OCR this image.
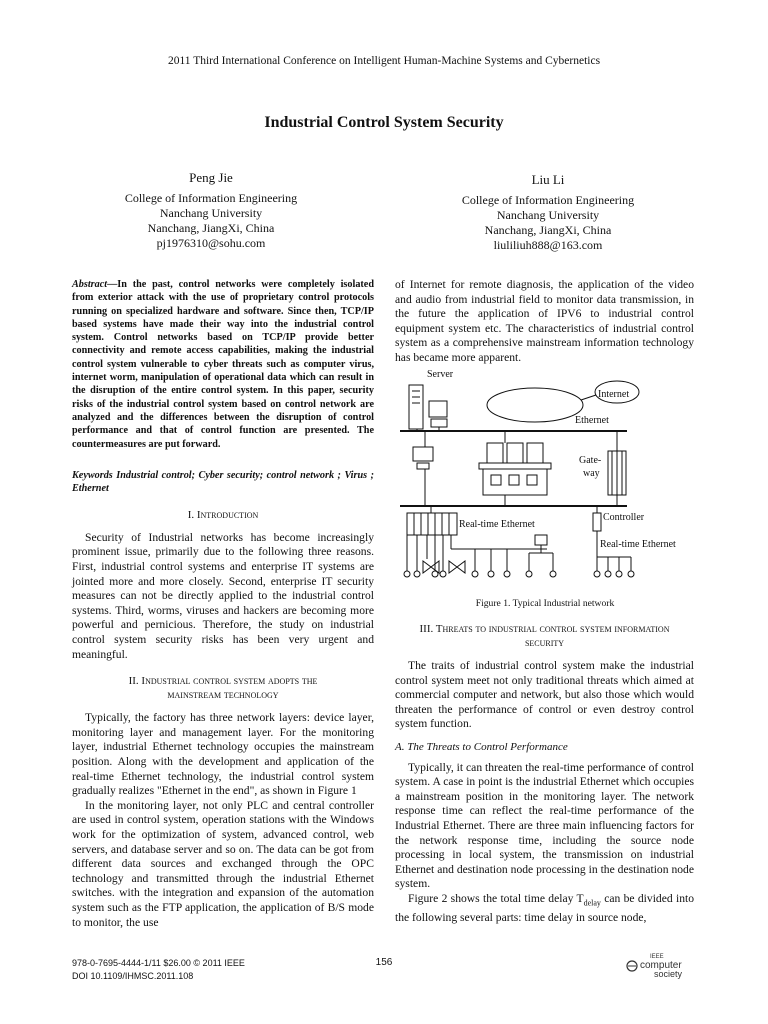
2011 Third International Conference on Intelligent Human-Machine Systems and Cybernetics
Industrial Control System Security
Peng Jie
College of Information Engineering
Nanchang University
Nanchang, JiangXi, China
pj1976310@sohu.com
Liu Li
College of Information Engineering
Nanchang University
Nanchang, JiangXi, China
liuliliuh888@163.com
Abstract—In the past, control networks were completely isolated from exterior attack with the use of proprietary control protocols running on specialized hardware and software. Since then, TCP/IP based systems have made their way into the industrial control system. Control networks based on TCP/IP provide better connectivity and remote access capabilities, making the industrial control system vulnerable to cyber threats such as computer virus, internet worm, manipulation of operational data which can result in the disruption of the entire control system. In this paper, security risks of the industrial control system based on control network are analyzed and the differences between the disruption of control performance and that of control function are presented. The countermeasures are put forward.
Keywords Industrial control; Cyber security; control network ; Virus ; Ethernet
I. Introduction

Security of Industrial networks has become increasingly prominent issue, primarily due to the following three reasons. First, industrial control systems and enterprise IT systems are jointed more and more closely. Second, enterprise IT security measures can not be directly applied to the industrial control systems. Third, worms, viruses and hackers are becoming more powerful and pernicious. Therefore, the study on industrial control system security risks has been very urgent and meaningful.

II. Industrial control system adopts the mainstream technology

Typically, the factory has three network layers: device layer, monitoring layer and management layer. For the monitoring layer, industrial Ethernet technology occupies the mainstream position. Along with the development and application of the real-time Ethernet technology, the industrial control system gradually realizes "Ethernet in the end", as shown in Figure 1

In the monitoring layer, not only PLC and central controller are used in control system, operation stations with the Windows work for the optimization of system, advanced control, web servers, and database server and so on. The data can be got from different data sources and exchanged through the OPC technology and transmitted through the industrial Ethernet switches. with the integration and expansion of the automation system such as the FTP application, the application of B/S mode to monitor, the use

of Internet for remote diagnosis, the application of the video and audio from industrial field to monitor data transmission, in the future the application of IPV6 to industrial control equipment system etc. The characteristics of industrial control system as a comprehensive mainstream information technology has became more apparent.

Server
Internet
Ethernet
Gate-
way
Controller
Real-time Ethernet
Real-time Ethernet
Figure 1. Typical Industrial network
III. Threats to industrial control system information security

The traits of industrial control system make the industrial control system meet not only traditional threats which aimed at commercial computer and network, but also those which would threaten the performance of control or even destroy control system function.

A. The Threats to Control Performance

Typically, it can threaten the real-time performance of control system. A case in point is the industrial Ethernet which occupies a mainstream position in the monitoring layer. The network response time can reflect the real-time performance of the Industrial Ethernet. There are three main influencing factors for the network response time, including the source node processing in local system, the transmission on industrial Ethernet and destination node processing in the destination node system.

Figure 2 shows the total time delay $T_{delay}$ can be divided into the following several parts: time delay in source node,

978-0-7695-4444-1/11 $26.00 © 2011 IEEE
DOI 10.1109/IHMSC.2011.108
156	IEEE
computer
society
